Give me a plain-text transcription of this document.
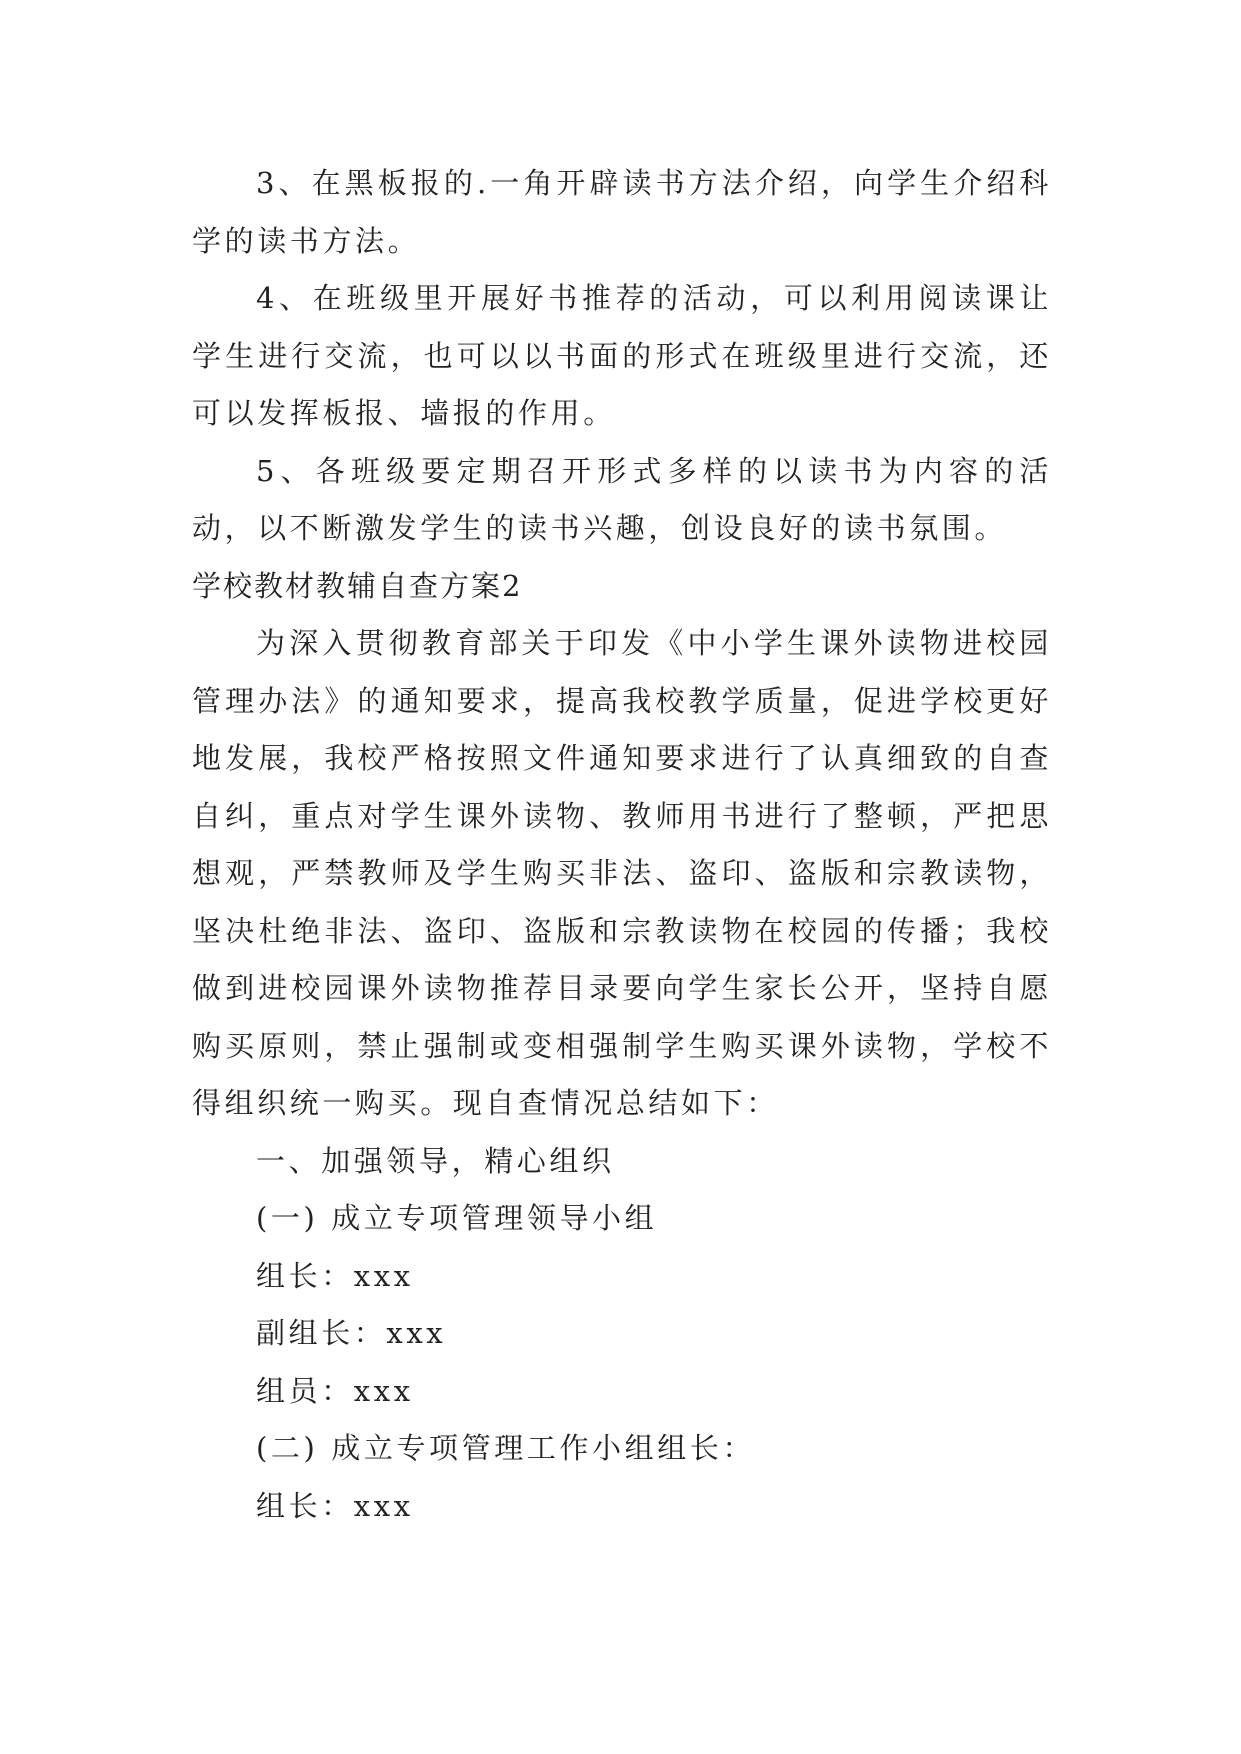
3、在黑板报的.一角开辟读书方法介绍，向学生介绍科学的读书方法。

4、在班级里开展好书推荐的活动，可以利用阅读课让学生进行交流，也可以以书面的形式在班级里进行交流，还可以发挥板报、墙报的作用。

5、各班级要定期召开形式多样的以读书为内容的活动，以不断激发学生的读书兴趣，创设良好的读书氛围。

学校教材教辅自查方案2

为深入贯彻教育部关于印发《中小学生课外读物进校园管理办法》的通知要求，提高我校教学质量，促进学校更好地发展，我校严格按照文件通知要求进行了认真细致的自查自纠，重点对学生课外读物、教师用书进行了整顿，严把思想观，严禁教师及学生购买非法、盗印、盗版和宗教读物，坚决杜绝非法、盗印、盗版和宗教读物在校园的传播；我校做到进校园课外读物推荐目录要向学生家长公开，坚持自愿购买原则，禁止强制或变相强制学生购买课外读物，学校不得组织统一购买。现自查情况总结如下：

一、加强领导，精心组织

(一) 成立专项管理领导小组

组长：xxx

副组长：xxx

组员：xxx

(二) 成立专项管理工作小组组长：

组长：xxx
